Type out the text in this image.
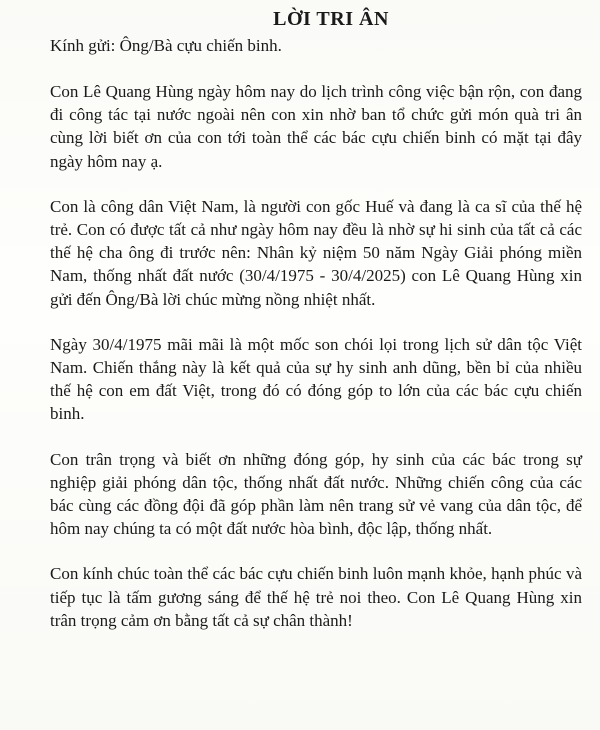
LỜI TRI ÂN

Kính gửi: Ông/Bà cựu chiến binh.

Con Lê Quang Hùng ngày hôm nay do lịch trình công việc bận rộn, con đang đi công tác tại nước ngoài nên con xin nhờ ban tổ chức gửi món quà tri ân cùng lời biết ơn của con tới toàn thể các bác cựu chiến binh có mặt tại đây ngày hôm nay ạ.

Con là công dân Việt Nam, là người con gốc Huế và đang là ca sĩ của thế hệ trẻ. Con có được tất cả như ngày hôm nay đều là nhờ sự hi sinh của tất cả các thế hệ cha ông đi trước nên: Nhân kỷ niệm 50 năm Ngày Giải phóng miền Nam, thống nhất đất nước (30/4/1975 - 30/4/2025) con Lê Quang Hùng xin gửi đến Ông/Bà lời chúc mừng nồng nhiệt nhất.

Ngày 30/4/1975 mãi mãi là một mốc son chói lọi trong lịch sử dân tộc Việt Nam. Chiến thắng này là kết quả của sự hy sinh anh dũng, bền bỉ của nhiều thế hệ con em đất Việt, trong đó có đóng góp to lớn của các bác cựu chiến binh.

Con trân trọng và biết ơn những đóng góp, hy sinh của các bác trong sự nghiệp giải phóng dân tộc, thống nhất đất nước. Những chiến công của các bác cùng các đồng đội đã góp phần làm nên trang sử vẻ vang của dân tộc, để hôm nay chúng ta có một đất nước hòa bình, độc lập, thống nhất.

Con kính chúc toàn thể các bác cựu chiến binh luôn mạnh khỏe, hạnh phúc và tiếp tục là tấm gương sáng để thế hệ trẻ noi theo. Con Lê Quang Hùng xin trân trọng cảm ơn bằng tất cả sự chân thành!
